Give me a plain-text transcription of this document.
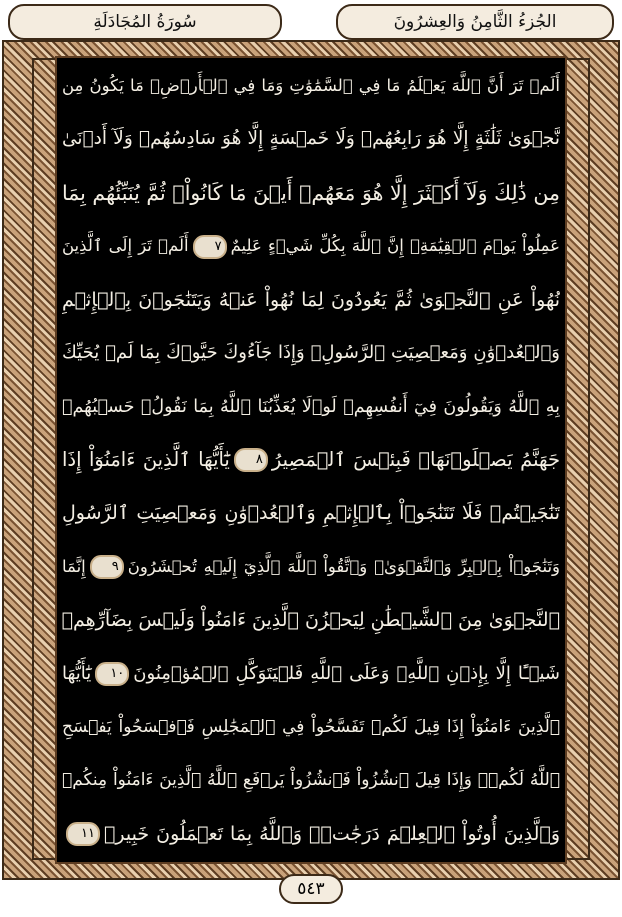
سُورَةُ المُجَادَلَةِ	الجُزءُ الثَّامِنُ وَالعِشرُونَ
أَلَمۡ تَرَ أَنَّ ٱللَّهَ يَعۡلَمُ مَا فِي ٱلسَّمَٰوَٰتِ وَمَا فِي ٱلۡأَرۡضِۖ مَا يَكُونُ مِن
نَّجۡوَىٰ ثَلَٰثَةٍ إِلَّا هُوَ رَابِعُهُمۡ وَلَا خَمۡسَةٍ إِلَّا هُوَ سَادِسُهُمۡ وَلَآ أَدۡنَىٰ
مِن ذَٰلِكَ وَلَآ أَكۡثَرَ إِلَّا هُوَ مَعَهُمۡ أَيۡنَ مَا كَانُواْۖ ثُمَّ يُنَبِّئُهُم بِمَا
عَمِلُواْ يَوۡمَ ٱلۡقِيَٰمَةِۚ إِنَّ ٱللَّهَ بِكُلِّ شَيۡءٍ عَلِيمٌ٧أَلَمۡ تَرَ إِلَى ٱلَّذِينَ
نُهُواْ عَنِ ٱلنَّجۡوَىٰ ثُمَّ يَعُودُونَ لِمَا نُهُواْ عَنۡهُ وَيَتَنَٰجَوۡنَ بِٱلۡإِثۡمِ
وَٱلۡعُدۡوَٰنِ وَمَعۡصِيَتِ ٱلرَّسُولِۖ وَإِذَا جَآءُوكَ حَيَّوۡكَ بِمَا لَمۡ يُحَيِّكَ
بِهِ ٱللَّهُ وَيَقُولُونَ فِيٓ أَنفُسِهِمۡ لَوۡلَا يُعَذِّبُنَا ٱللَّهُ بِمَا نَقُولُۚ حَسۡبُهُمۡ
جَهَنَّمُ يَصۡلَوۡنَهَاۖ فَبِئۡسَ ٱلۡمَصِيرُ٨يَٰٓأَيُّهَا ٱلَّذِينَ ءَامَنُوٓاْ إِذَا
تَنَٰجَيۡتُمۡ فَلَا تَتَنَٰجَوۡاْ بِٱلۡإِثۡمِ وَٱلۡعُدۡوَٰنِ وَمَعۡصِيَتِ ٱلرَّسُولِ
وَتَنَٰجَوۡاْ بِٱلۡبِرِّ وَٱلتَّقۡوَىٰۖ وَٱتَّقُواْ ٱللَّهَ ٱلَّذِيٓ إِلَيۡهِ تُحۡشَرُونَ٩إِنَّمَا
ٱلنَّجۡوَىٰ مِنَ ٱلشَّيۡطَٰنِ لِيَحۡزُنَ ٱلَّذِينَ ءَامَنُواْ وَلَيۡسَ بِضَآرِّهِمۡ
شَيۡـًٔا إِلَّا بِإِذۡنِ ٱللَّهِۚ وَعَلَى ٱللَّهِ فَلۡيَتَوَكَّلِ ٱلۡمُؤۡمِنُونَ١٠يَٰٓأَيُّهَا
ٱلَّذِينَ ءَامَنُوٓاْ إِذَا قِيلَ لَكُمۡ تَفَسَّحُواْ فِي ٱلۡمَجَٰلِسِ فَٱفۡسَحُواْ يَفۡسَحِ
ٱللَّهُ لَكُمۡۖ وَإِذَا قِيلَ ٱنشُزُواْ فَٱنشُزُواْ يَرۡفَعِ ٱللَّهُ ٱلَّذِينَ ءَامَنُواْ مِنكُمۡ
وَٱلَّذِينَ أُوتُواْ ٱلۡعِلۡمَ دَرَجَٰتٖۚ وَٱللَّهُ بِمَا تَعۡمَلُونَ خَبِيرٞ١١
٥٤٣
